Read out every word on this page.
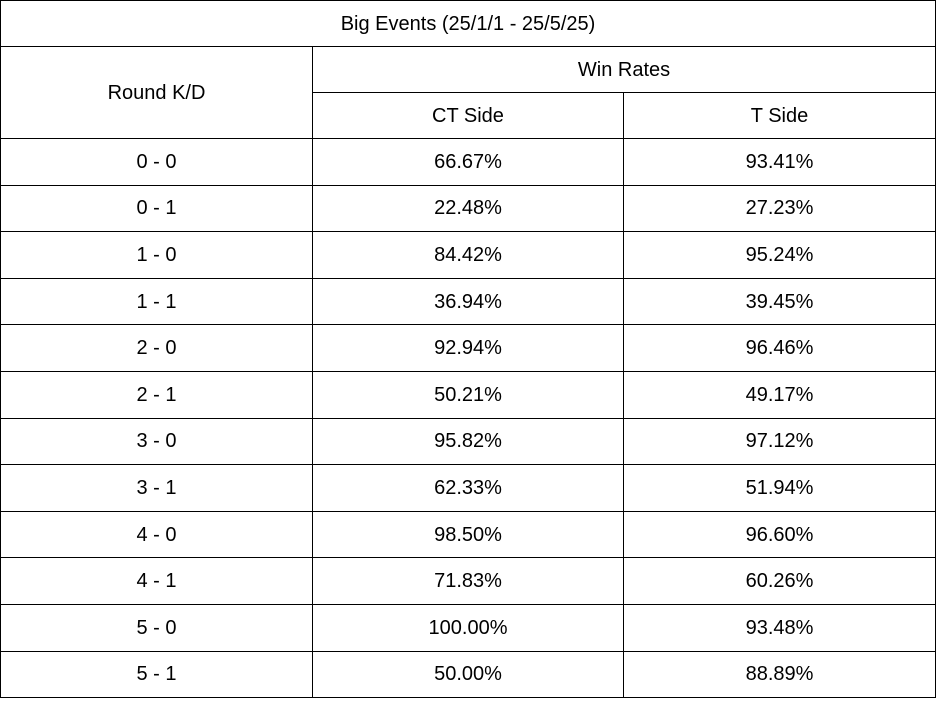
Big Events (25/1/1 - 25/5/25)		
Round K/D	Win Rates	
	CT Side	T Side
0 - 0	66.67%	93.41%
0 - 1	22.48%	27.23%
1 - 0	84.42%	95.24%
1 - 1	36.94%	39.45%
2 - 0	92.94%	96.46%
2 - 1	50.21%	49.17%
3 - 0	95.82%	97.12%
3 - 1	62.33%	51.94%
4 - 0	98.50%	96.60%
4 - 1	71.83%	60.26%
5 - 0	100.00%	93.48%
5 - 1	50.00%	88.89%
